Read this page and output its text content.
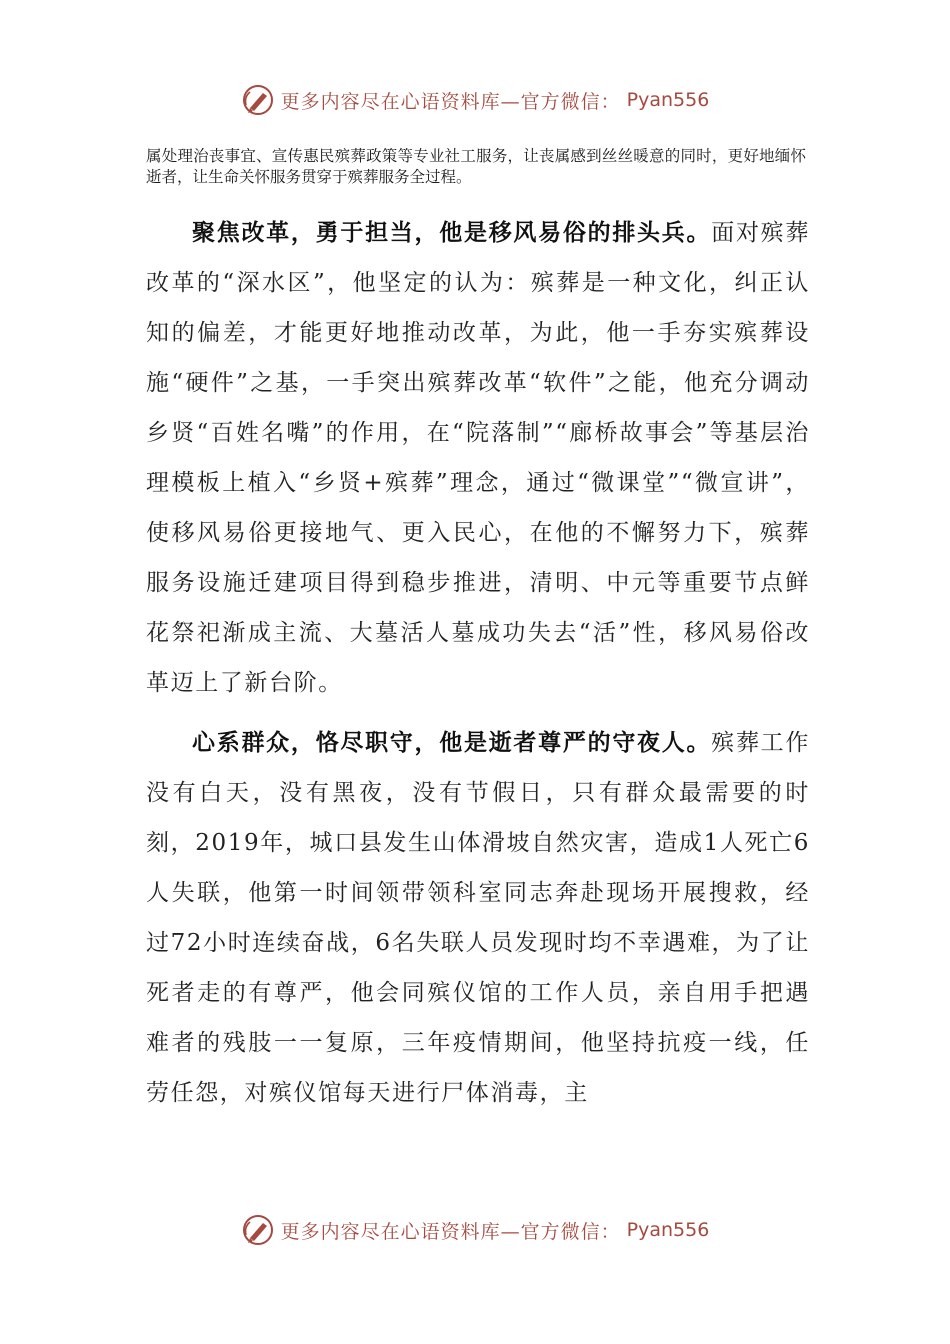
更多内容尽在心语资料库—官方微信： Pyan556

属处理治丧事宜、宣传惠民殡葬政策等专业社工服务，让丧属感到丝丝暖意的同时，更好地缅怀逝者，让生命关怀服务贯穿于殡葬服务全过程。

聚焦改革，勇于担当，他是移风易俗的排头兵。面对殡葬改革的“深水区”，他坚定的认为：殡葬是一种文化，纠正认知的偏差，才能更好地推动改革，为此，他一手夯实殡葬设施“硬件”之基，一手突出殡葬改革“软件”之能，他充分调动乡贤“百姓名嘴”的作用，在“院落制”“廊桥故事会”等基层治理模板上植入“乡贤+殡葬”理念，通过“微课堂”“微宣讲”，使移风易俗更接地气、更入民心，在他的不懈努力下，殡葬服务设施迁建项目得到稳步推进，清明、中元等重要节点鲜花祭祀渐成主流、大墓活人墓成功失去“活”性，移风易俗改革迈上了新台阶。

心系群众，恪尽职守，他是逝者尊严的守夜人。殡葬工作没有白天，没有黑夜，没有节假日，只有群众最需要的时刻，2019年，城口县发生山体滑坡自然灾害，造成1人死亡6人失联，他第一时间领带领科室同志奔赴现场开展搜救，经过72小时连续奋战，6名失联人员发现时均不幸遇难，为了让死者走的有尊严，他会同殡仪馆的工作人员，亲自用手把遇难者的残肢一一复原，三年疫情期间，他坚持抗疫一线，任劳任怨，对殡仪馆每天进行尸体消毒，主

更多内容尽在心语资料库—官方微信： Pyan556
